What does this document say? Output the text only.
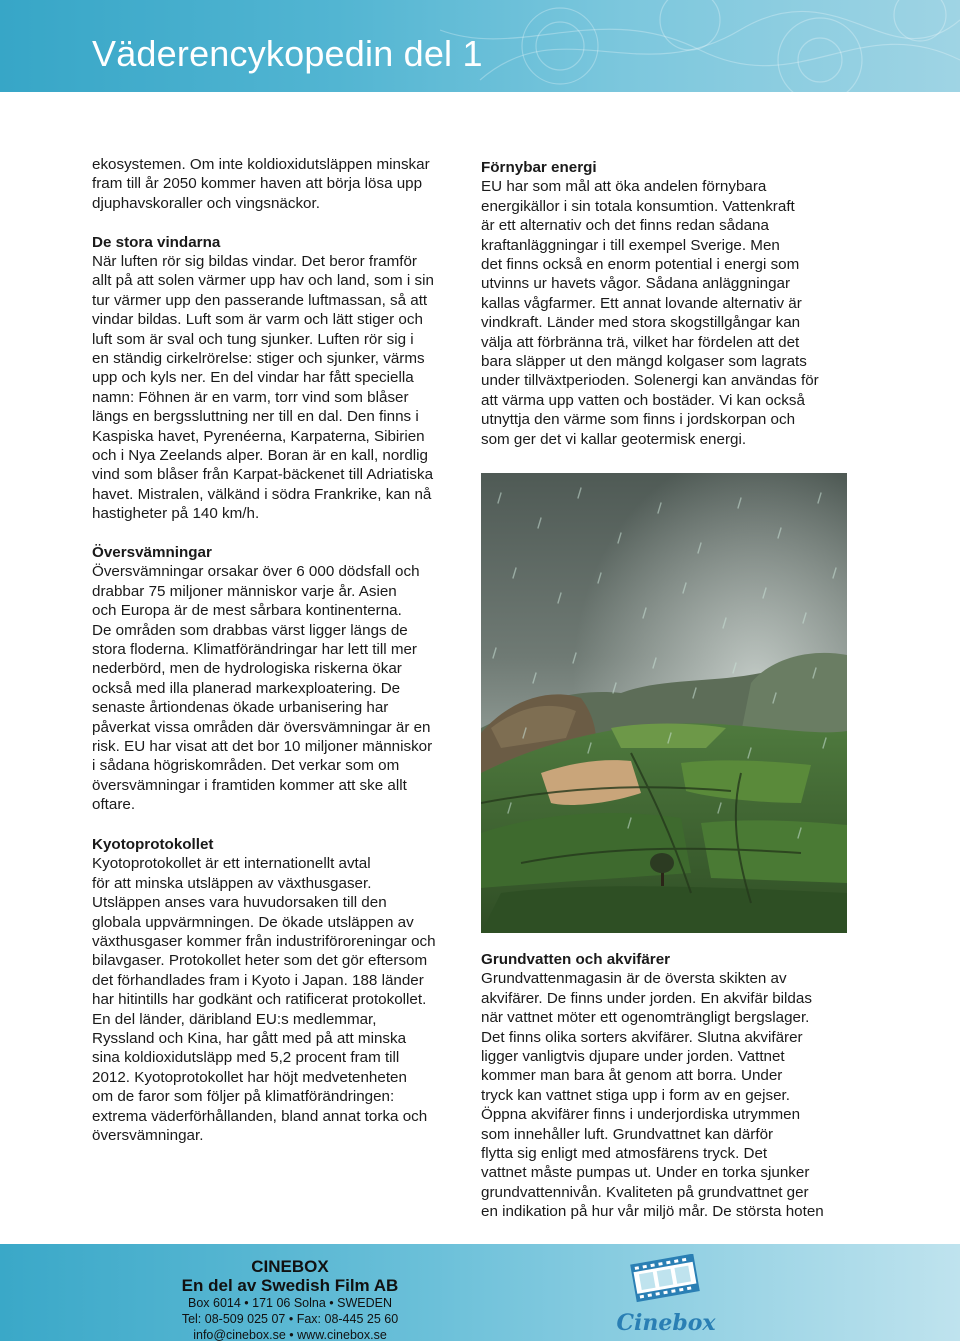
Väderencykopedin del 1

ekosystemen. Om inte koldioxidutsläppen minskar

fram till år 2050 kommer haven att börja lösa upp

djuphavskoraller och vingsnäckor.

De stora vindarna

När luften rör sig bildas vindar. Det beror framför

allt på att solen värmer upp hav och land, som i sin

tur värmer upp den passerande luftmassan, så att

vindar bildas. Luft som är varm och lätt stiger och

luft som är sval och tung sjunker. Luften rör sig i

en ständig cirkelrörelse: stiger och sjunker, värms

upp och kyls ner. En del vindar har fått speciella

namn: Föhnen är en varm, torr vind som blåser

längs en bergssluttning ner till en dal. Den finns i

Kaspiska havet, Pyrenéerna, Karpaterna, Sibirien

och i Nya Zeelands alper. Boran är en kall, nordlig

vind som blåser från Karpat-bäckenet till Adriatiska

havet. Mistralen, välkänd i södra Frankrike, kan nå

hastigheter på 140 km/h.

Översvämningar

Översvämningar orsakar över 6 000 dödsfall och

drabbar 75 miljoner människor varje år. Asien

och Europa är de mest sårbara kontinenterna.

De områden som drabbas värst ligger längs de

stora floderna. Klimatförändringar har lett till mer

nederbörd, men de hydrologiska riskerna ökar

också med illa planerad markexploatering. De

senaste årtiondenas ökade urbanisering har

påverkat vissa områden där översvämningar är en

risk. EU har visat att det bor 10 miljoner människor

i sådana högriskområden. Det verkar som om

översvämningar i framtiden kommer att ske allt

oftare.

Kyotoprotokollet

Kyotoprotokollet är ett internationellt avtal

för att minska utsläppen av växthusgaser.

Utsläppen anses vara huvudorsaken till den

globala uppvärmningen. De ökade utsläppen av

växthusgaser kommer från industriföroreningar och

bilavgaser. Protokollet heter som det gör eftersom

det förhandlades fram i Kyoto i Japan. 188 länder

har hitintills har godkänt och ratificerat protokollet.

En del länder, däribland EU:s medlemmar,

Ryssland och Kina, har gått med på att minska

sina koldioxidutsläpp med 5,2 procent fram till

2012. Kyotoprotokollet har höjt medvetenheten

om de faror som följer på klimatförändringen:

extrema väderförhållanden, bland annat torka och

översvämningar.

Förnybar energi

EU har som mål att öka andelen förnybara

energikällor i sin totala konsumtion. Vattenkraft

är ett alternativ och det finns redan sådana

kraftanläggningar i till exempel Sverige. Men

det finns också en enorm potential i energi som

utvinns ur havets vågor. Sådana anläggningar

kallas vågfarmer. Ett annat lovande alternativ är

vindkraft. Länder med stora skogstillgångar kan

välja att förbränna trä, vilket har fördelen att det

bara släpper ut den mängd kolgaser som lagrats

under tillväxtperioden. Solenergi kan användas för

att värma upp vatten och bostäder. Vi kan också

utnyttja den värme som finns i jordskorpan och

som ger det vi kallar geotermisk energi.

Grundvatten och akvifärer

Grundvattenmagasin är de översta skikten av

akvifärer. De finns under jorden. En akvifär bildas

när vattnet möter ett ogenomträngligt bergslager.

Det finns olika sorters akvifärer. Slutna akvifärer

ligger vanligtvis djupare under jorden. Vattnet

kommer man bara åt genom att borra. Under

tryck kan vattnet stiga upp i form av en gejser.

Öppna akvifärer finns i underjordiska utrymmen

som innehåller luft. Grundvattnet kan därför

flytta sig enligt med atmosfärens tryck. Det

vattnet måste pumpas ut. Under en torka sjunker

grundvattennivån. Kvaliteten på grundvattnet ger

en indikation på hur vår miljö mår. De största hoten

CINEBOX
En del av Swedish Film AB
Box 6014 • 171 06 Solna • SWEDEN
Tel: 08-509 025 07 • Fax: 08-445 25 60
info@cinebox.se • www.cinebox.se	Cinebox
